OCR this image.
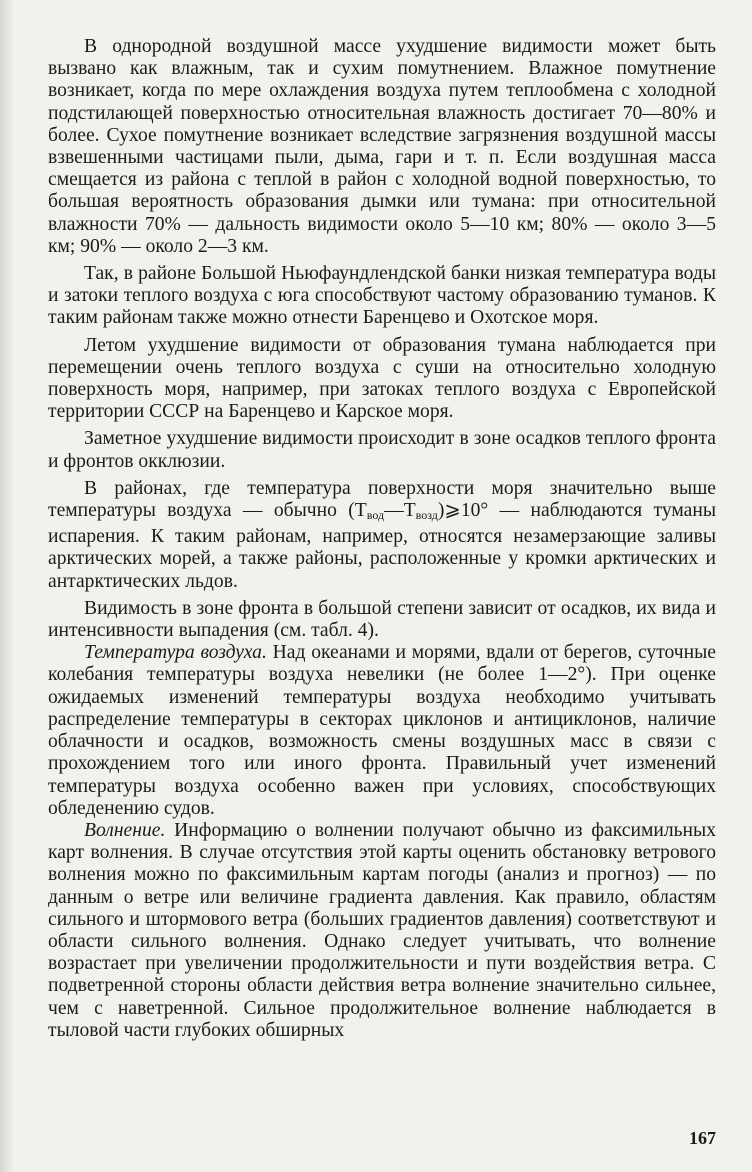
В однородной воздушной массе ухудшение видимости может быть вызвано как влажным, так и сухим помутнением. Влажное помутнение возникает, когда по мере охлаждения воздуха путем теплообмена с холодной подстилающей поверхностью относительная влажность достигает 70—80% и более. Сухое помутнение возникает вследствие загрязнения воздушной массы взвешенными частицами пыли, дыма, гари и т. п. Если воздушная масса смещается из района с теплой в район с холодной водной поверхностью, то большая вероятность образования дымки или тумана: при относительной влажности 70% — дальность видимости около 5—10 км; 80% — около 3—5 км; 90% — около 2—3 км.

Так, в районе Большой Ньюфаундлендской банки низкая температура воды и затоки теплого воздуха с юга способствуют частому образованию туманов. К таким районам также можно отнести Баренцево и Охотское моря.

Летом ухудшение видимости от образования тумана наблюдается при перемещении очень теплого воздуха с суши на относительно холодную поверхность моря, например, при затоках теплого воздуха с Европейской территории СССР на Баренцево и Карское моря.

Заметное ухудшение видимости происходит в зоне осадков теплого фронта и фронтов окклюзии.

В районах, где температура поверхности моря значительно выше температуры воздуха — обычно $(T_{вод}—T_{возд})⩾10^\circ$ — наблюдаются туманы испарения. К таким районам, например, относятся незамерзающие заливы арктических морей, а также районы, расположенные у кромки арктических и антарктических льдов.

Видимость в зоне фронта в большой степени зависит от осадков, их вида и интенсивности выпадения (см. табл. 4).

Температура воздуха. Над океанами и морями, вдали от берегов, суточные колебания температуры воздуха невелики (не более 1—2°). При оценке ожидаемых изменений температуры воздуха необходимо учитывать распределение температуры в секторах циклонов и антициклонов, наличие облачности и осадков, возможность смены воздушных масс в связи с прохождением того или иного фронта. Правильный учет изменений температуры воздуха особенно важен при условиях, способствующих обледенению судов.

Волнение. Информацию о волнении получают обычно из факсимильных карт волнения. В случае отсутствия этой карты оценить обстановку ветрового волнения можно по факсимильным картам погоды (анализ и прогноз) — по данным о ветре или величине градиента давления. Как правило, областям сильного и штормового ветра (больших градиентов давления) соответствуют и области сильного волнения. Однако следует учитывать, что волнение возрастает при увеличении продолжительности и пути воздействия ветра. С подветренной стороны области действия ветра волнение значительно сильнее, чем с наветренной. Сильное продолжительное волнение наблюдается в тыловой части глубоких обширных

167
